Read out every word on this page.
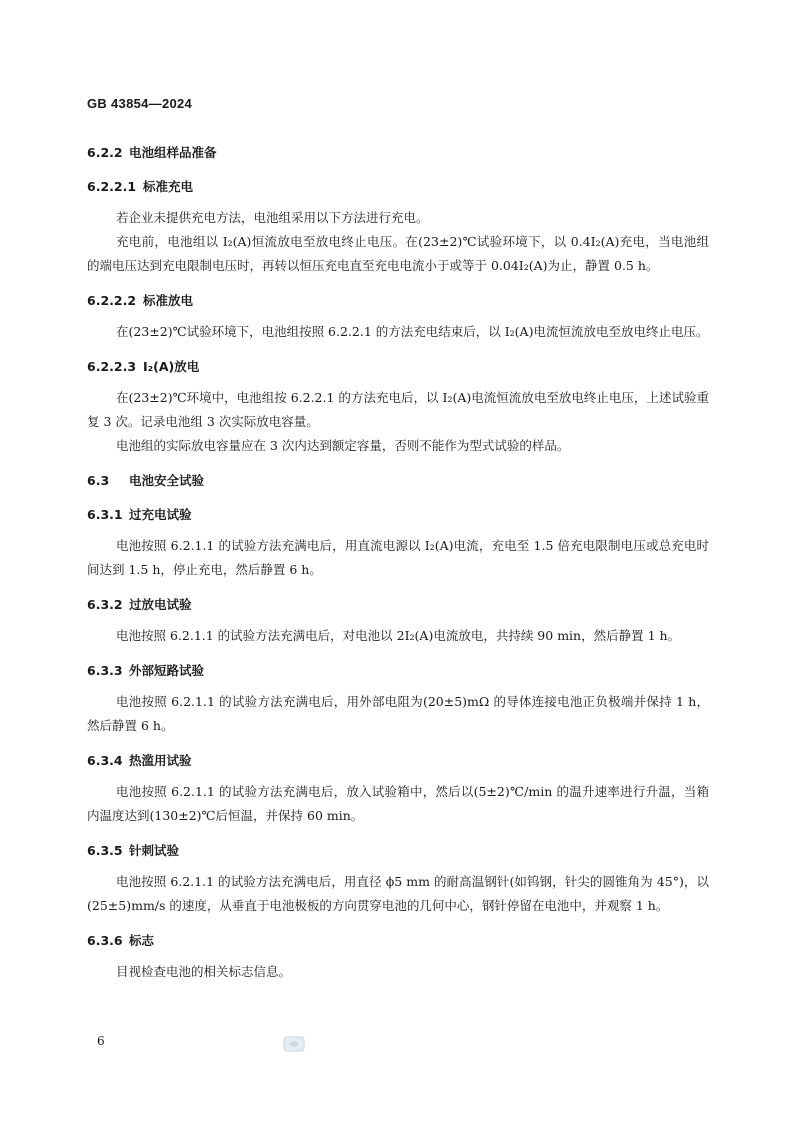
GB 43854—2024
6.2.2 电池组样品准备
6.2.2.1 标准充电

若企业未提供充电方法，电池组采用以下方法进行充电。

充电前，电池组以 I₂(A)恒流放电至放电终止电压。在(23±2)℃试验环境下，以 0.4I₂(A)充电，当电池组的端电压达到充电限制电压时，再转以恒压充电直至充电电流小于或等于 0.04I₂(A)为止，静置 0.5 h。

6.2.2.2 标准放电

在(23±2)℃试验环境下，电池组按照 6.2.2.1 的方法充电结束后，以 I₂(A)电流恒流放电至放电终止电压。

6.2.2.3 I₂(A)放电

在(23±2)℃环境中，电池组按 6.2.2.1 的方法充电后，以 I₂(A)电流恒流放电至放电终止电压，上述试验重复 3 次。记录电池组 3 次实际放电容量。

电池组的实际放电容量应在 3 次内达到额定容量，否则不能作为型式试验的样品。

6.3 电池安全试验
6.3.1 过充电试验

电池按照 6.2.1.1 的试验方法充满电后，用直流电源以 I₂(A)电流，充电至 1.5 倍充电限制电压或总充电时间达到 1.5 h，停止充电，然后静置 6 h。

6.3.2 过放电试验

电池按照 6.2.1.1 的试验方法充满电后，对电池以 2I₂(A)电流放电，共持续 90 min，然后静置 1 h。

6.3.3 外部短路试验

电池按照 6.2.1.1 的试验方法充满电后，用外部电阻为(20±5)mΩ 的导体连接电池正负极端并保持 1 h，然后静置 6 h。

6.3.4 热滥用试验

电池按照 6.2.1.1 的试验方法充满电后，放入试验箱中，然后以(5±2)℃/min 的温升速率进行升温，当箱内温度达到(130±2)℃后恒温，并保持 60 min。

6.3.5 针刺试验

电池按照 6.2.1.1 的试验方法充满电后，用直径 ϕ5 mm 的耐高温钢针(如钨钢，针尖的圆锥角为 45°)，以(25±5)mm/s 的速度，从垂直于电池极板的方向贯穿电池的几何中心，钢针停留在电池中，并观察 1 h。

6.3.6 标志

目视检查电池的相关标志信息。

6
